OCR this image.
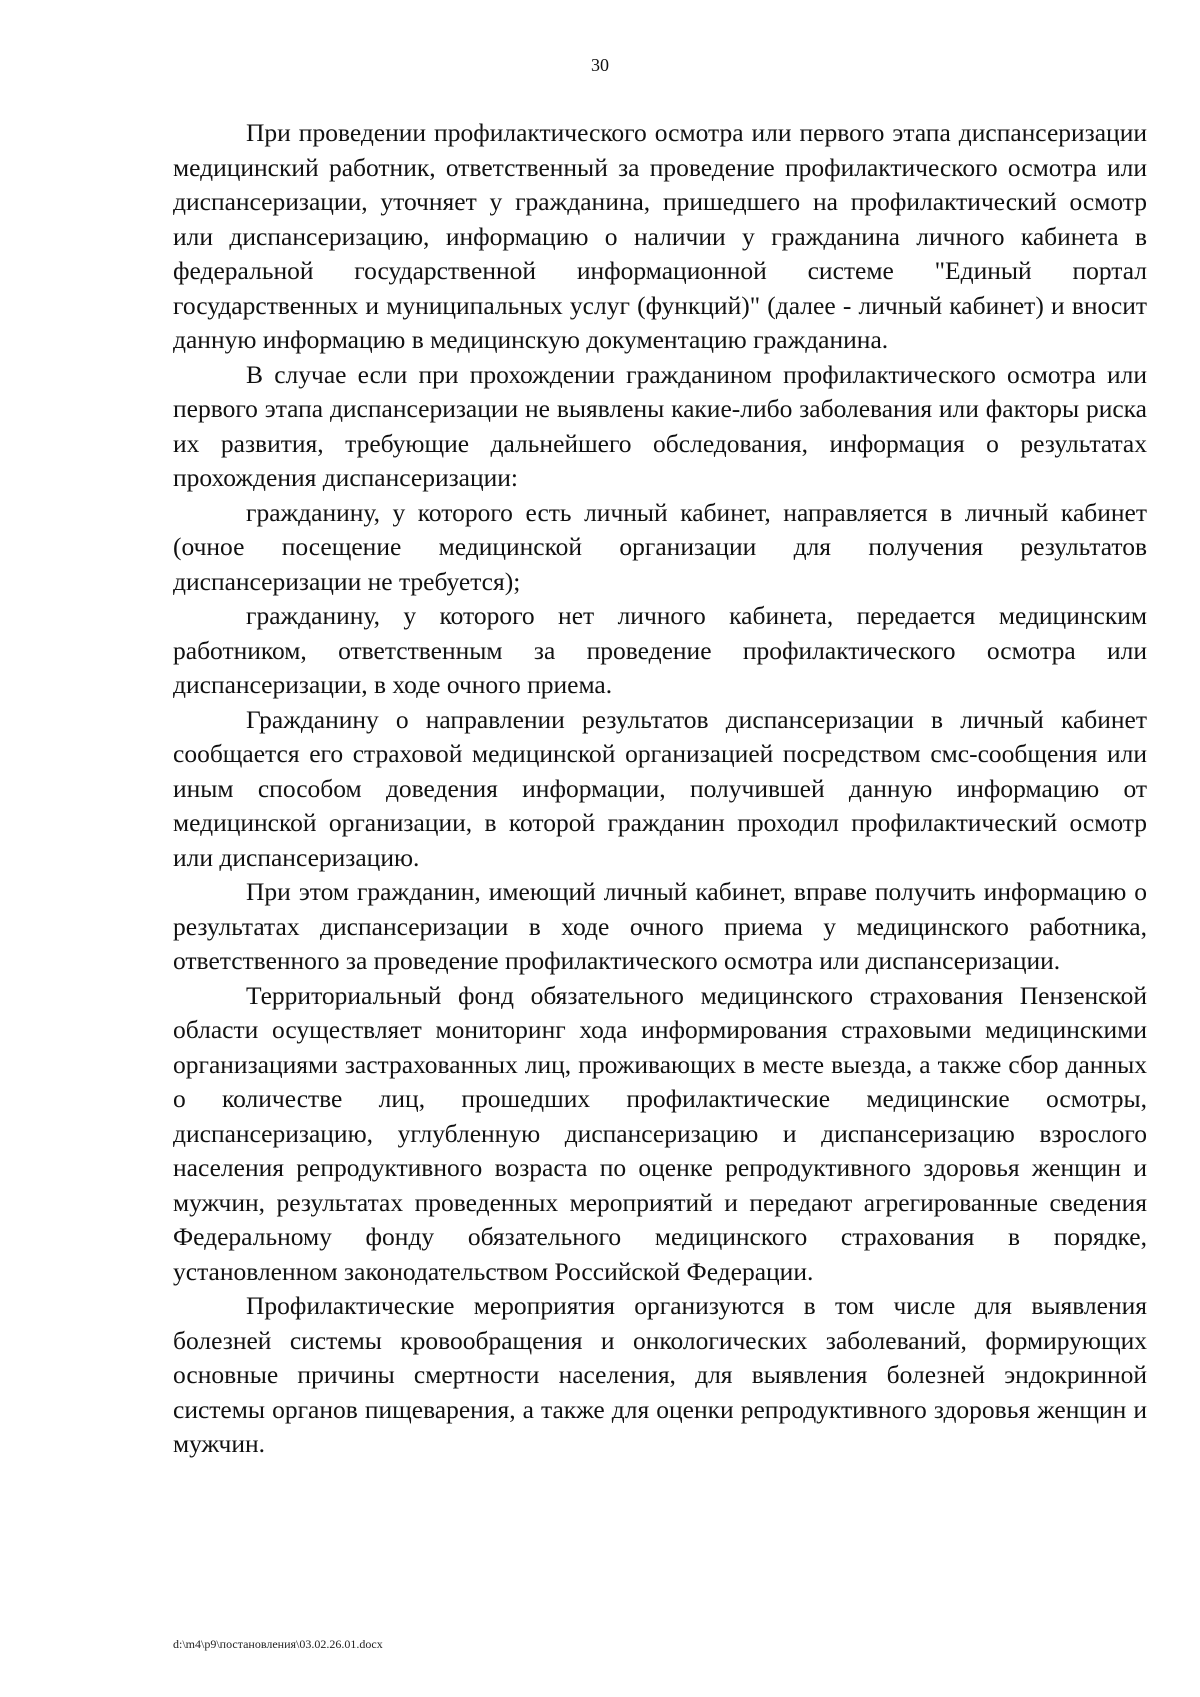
30

При проведении профилактического осмотра или первого этапа диспансеризации медицинский работник, ответственный за проведение профилактического осмотра или диспансеризации, уточняет у гражданина, пришедшего на профилактический осмотр или диспансеризацию, информацию о наличии у гражданина личного кабинета в федеральной государственной информационной системе "Единый портал государственных и муниципальных услуг (функций)" (далее - личный кабинет) и вносит данную информацию в медицинскую документацию гражданина.

В случае если при прохождении гражданином профилактического осмотра или первого этапа диспансеризации не выявлены какие-либо заболевания или факторы риска их развития, требующие дальнейшего обследования, информация о результатах прохождения диспансеризации:

гражданину, у которого есть личный кабинет, направляется в личный кабинет (очное посещение медицинской организации для получения результатов диспансеризации не требуется);

гражданину, у которого нет личного кабинета, передается медицинским работником, ответственным за проведение профилактического осмотра или диспансеризации, в ходе очного приема.

Гражданину о направлении результатов диспансеризации в личный кабинет сообщается его страховой медицинской организацией посредством смс-сообщения или иным способом доведения информации, получившей данную информацию от медицинской организации, в которой гражданин проходил профилактический осмотр или диспансеризацию.

При этом гражданин, имеющий личный кабинет, вправе получить информацию о результатах диспансеризации в ходе очного приема у медицинского работника, ответственного за проведение профилактического осмотра или диспансеризации.

Территориальный фонд обязательного медицинского страхования Пензенской области осуществляет мониторинг хода информирования страховыми медицинскими организациями застрахованных лиц, проживающих в месте выезда, а также сбор данных о количестве лиц, прошедших профилактические медицинские осмотры, диспансеризацию, углубленную диспансеризацию и диспансеризацию взрослого населения репродуктивного возраста по оценке репродуктивного здоровья женщин и мужчин, результатах проведенных мероприятий и передают агрегированные сведения Федеральному фонду обязательного медицинского страхования в порядке, установленном законодательством Российской Федерации.

Профилактические мероприятия организуются в том числе для выявления болезней системы кровообращения и онкологических заболеваний, формирующих основные причины смертности населения, для выявления болезней эндокринной системы органов пищеварения, а также для оценки репродуктивного здоровья женщин и мужчин.

d:\m4\p9\постановления\03.02.26.01.docx
